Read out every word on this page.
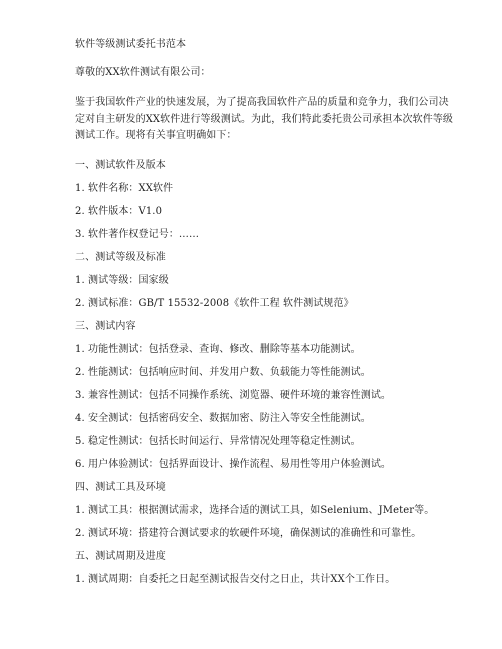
软件等级测试委托书范本
尊敬的XX软件测试有限公司：
鉴于我国软件产业的快速发展，为了提高我国软件产品的质量和竞争力，我们公司决定对自主研发的XX软件进行等级测试。为此，我们特此委托贵公司承担本次软件等级测试工作。现将有关事宜明确如下：
一、测试软件及版本
1. 软件名称：XX软件
2. 软件版本：V1.0
3. 软件著作权登记号：……
二、测试等级及标准
1. 测试等级：国家级
2. 测试标准：GB/T 15532-2008《软件工程 软件测试规范》
三、测试内容
1. 功能性测试：包括登录、查询、修改、删除等基本功能测试。
2. 性能测试：包括响应时间、并发用户数、负载能力等性能测试。
3. 兼容性测试：包括不同操作系统、浏览器、硬件环境的兼容性测试。
4. 安全测试：包括密码安全、数据加密、防注入等安全性能测试。
5. 稳定性测试：包括长时间运行、异常情况处理等稳定性测试。
6. 用户体验测试：包括界面设计、操作流程、易用性等用户体验测试。
四、测试工具及环境
1. 测试工具：根据测试需求，选择合适的测试工具，如Selenium、JMeter等。
2. 测试环境：搭建符合测试要求的软硬件环境，确保测试的准确性和可靠性。
五、测试周期及进度
1. 测试周期：自委托之日起至测试报告交付之日止，共计XX个工作日。
